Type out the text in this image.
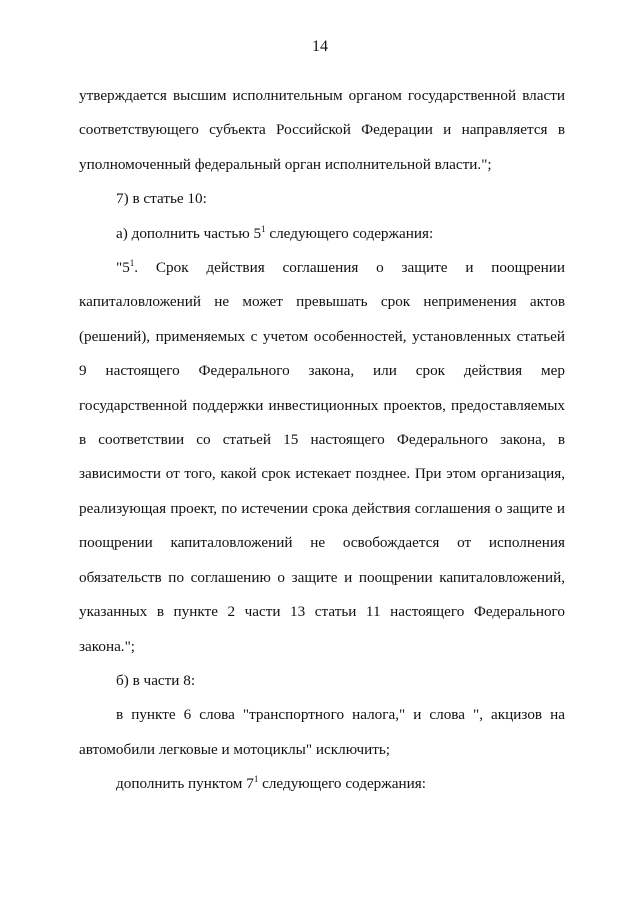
14

утверждается высшим исполнительным органом государственной власти соответствующего субъекта Российской Федерации и направляется в уполномоченный федеральный орган исполнительной власти.";

7) в статье 10:

а) дополнить частью $5^1$ следующего содержания:

"$5^1$. Срок действия соглашения о защите и поощрении капиталовложений не может превышать срок неприменения актов (решений), применяемых с учетом особенностей, установленных статьей 9 настоящего Федерального закона, или срок действия мер государственной поддержки инвестиционных проектов, предоставляемых в соответствии со статьей 15 настоящего Федерального закона, в зависимости от того, какой срок истекает позднее. При этом организация, реализующая проект, по истечении срока действия соглашения о защите и поощрении капиталовложений не освобождается от исполнения обязательств по соглашению о защите и поощрении капиталовложений, указанных в пункте 2 части 13 статьи 11 настоящего Федерального закона.";

б) в части 8:

в пункте 6 слова "транспортного налога," и слова ", акцизов на автомобили легковые и мотоциклы" исключить;

дополнить пунктом $7^1$ следующего содержания:
